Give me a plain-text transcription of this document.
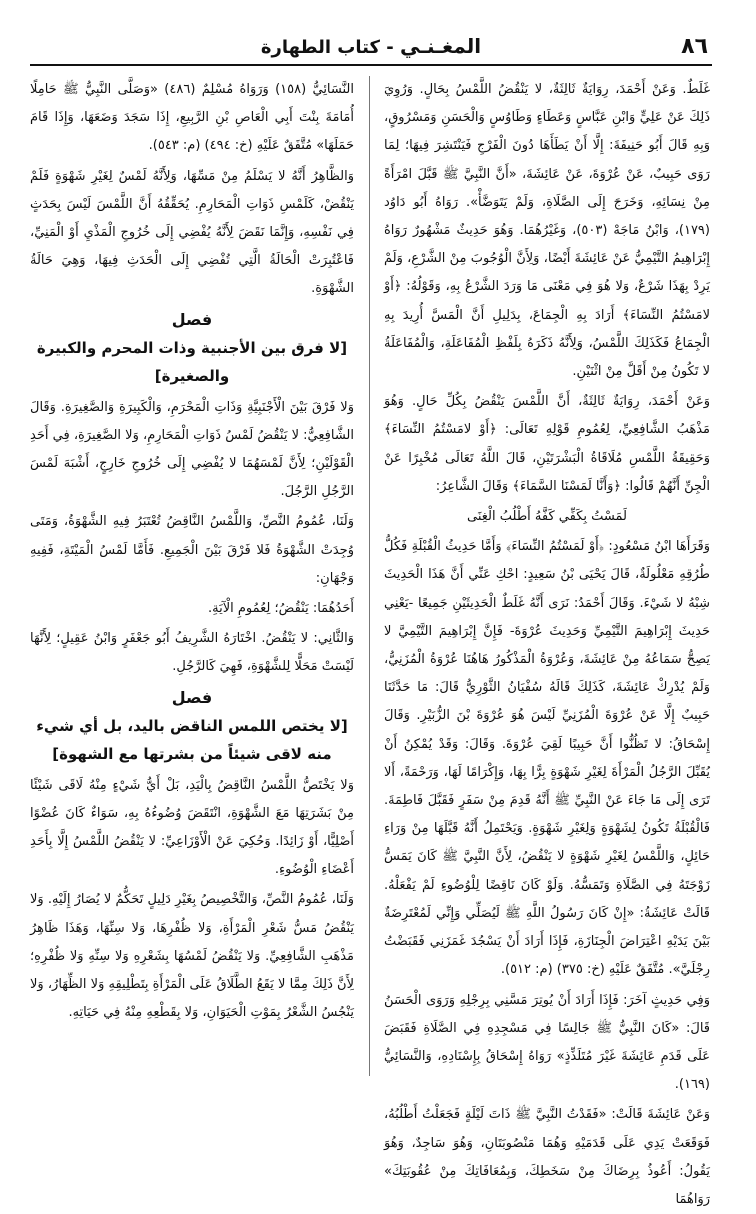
٨٦
المغـنـي - كتاب الطهارة

غَلَطٌ. وَعَنْ أَحْمَدَ، رِوَايَةٌ ثَالِثَةٌ، لا يَنْقُضُ اللَّمْسُ بِحَالٍ. وَرُوِيَ ذَلِكَ عَنْ عَلِيٍّ وَابْنِ عَبَّاسٍ وَعَطَاءٍ وَطَاوُسٍ وَالْحَسَنِ وَمَسْرُوقٍ، وَبِهِ قَالَ أَبُو حَنِيفَةَ: إِلَّا أَنْ يَطَأَهَا دُونَ الْفَرْجِ فَيَنْتَشِرَ فِيهَا؛ لِمَا رَوَى حَبِيبٌ، عَنْ عُرْوَةَ، عَنْ عَائِشَةَ، «أَنَّ النَّبِيَّ ﷺ قَبَّلَ امْرَأَةً مِنْ نِسَائِهِ، وَخَرَجَ إِلَى الصَّلَاةِ، وَلَمْ يَتَوَضَّأْ». رَوَاهُ أَبُو دَاوُد (١٧٩)، وَابْنُ مَاجَهْ (٥٠٣)، وَغَيْرُهُمَا. وَهُوَ حَدِيثٌ مَشْهُورٌ رَوَاهُ إِبْرَاهِيمُ التَّيْمِيُّ عَنْ عَائِشَةَ أَيْضًا، وَلِأَنَّ الْوُجُوبَ مِنْ الشَّرْعِ، وَلَمْ يَرِدْ بِهَذَا شَرْعٌ، وَلا هُوَ فِي مَعْنَى مَا وَرَدَ الشَّرْعُ بِهِ، وَقَوْلُهُ: ﴿أَوْ لامَسْتُمُ النِّسَاءَ﴾ أَرَادَ بِهِ الْجِمَاعَ، بِدَلِيلِ أَنَّ الْمَسَّ أُرِيدَ بِهِ الْجِمَاعُ فَكَذَلِكَ اللَّمْسُ، وَلِأَنَّهُ ذَكَرَهُ بِلَفْظِ الْمُفَاعَلَةِ، وَالْمُفَاعَلَةُ لا تَكُونُ مِنْ أَقَلَّ مِنْ اثْنَيْنِ.

وَعَنْ أَحْمَدَ، رِوَايَةٌ ثَالِثَةٌ، أَنَّ اللَّمْسَ يَنْقُضُ بِكُلِّ حَالٍ. وَهُوَ مَذْهَبُ الشَّافِعِيِّ، لِعُمُومِ قَوْلِهِ تَعَالَى: ﴿أَوْ لامَسْتُمُ النِّسَاءَ﴾ وَحَقِيقَةُ اللَّمْسِ مُلَاقَاةُ الْبَشْرَتَيْنِ، قَالَ اللَّهُ تَعَالَى مُخْبِرًا عَنْ الْجِنِّ أَنَّهُمْ قَالُوا: ﴿وَأَنَّا لَمَسْنَا السَّمَاءَ﴾ وَقَالَ الشَّاعِرُ:

لَمَسْتُ بِكَفِّي كَفَّهُ أَطْلُبُ الْغِنَى

وَقَرَأَهَا ابْنُ مَسْعُودٍ: ﴿أَوْ لَمَسْتُمُ النِّسَاءَ﴾ وَأَمَّا حَدِيثُ الْقُبْلَةِ فَكُلُّ طُرُقِهِ مَعْلُولَةٌ، قَالَ يَحْيَى بْنُ سَعِيدٍ: احْكِ عَنِّي أَنَّ هَذَا الْحَدِيثَ شِبْهُ لا شَيْءَ. وَقَالَ أَحْمَدُ: نَرَى أَنَّهُ غَلَطٌ الْحَدِيثَيْنِ جَمِيعًا -يَعْنِي حَدِيثَ إِبْرَاهِيمَ التَّيْمِيِّ وَحَدِيثَ عُرْوَةَ- فَإِنَّ إِبْرَاهِيمَ التَّيْمِيَّ لا يَصِحُّ سَمَاعُهُ مِنْ عَائِشَةَ، وَعُرْوَةُ الْمَذْكُورُ هَاهُنَا عُرْوَةُ الْمُزَنِيُّ، وَلَمْ يُدْرِكْ عَائِشَةَ، كَذَلِكَ قَالَهُ سُفْيَانُ الثَّوْرِيُّ قَالَ: مَا حَدَّثَنَا حَبِيبٌ إِلَّا عَنْ عُرْوَةَ الْمُزَنِيِّ لَيْسَ هُوَ عُرْوَةَ بْنَ الزُّبَيْرِ. وَقَالَ إِسْحَاقُ: لا تَظُنُّوا أَنَّ حَبِيبًا لَقِيَ عُرْوَةَ. وَقَالَ: وَقَدْ يُمْكِنُ أَنْ يُقَبِّلَ الرَّجُلُ الْمَرْأَةَ لِغَيْرِ شَهْوَةٍ بِرًّا بِهَا، وَإِكْرَامًا لَهَا، وَرَحْمَةً، أَلا تَرَى إِلَى مَا جَاءَ عَنْ النَّبِيِّ ﷺ أَنَّهُ قَدِمَ مِنْ سَفَرٍ فَقَبَّلَ فَاطِمَةَ. فَالْقُبْلَةُ تَكُونُ لِشَهْوَةٍ وَلِغَيْرِ شَهْوَةٍ. وَيَحْتَمِلُ أَنَّهُ قَبَّلَهَا مِنْ وَرَاءِ حَائِلٍ، وَاللَّمْسُ لِغَيْرِ شَهْوَةٍ لا يَنْقُضُ، لِأَنَّ النَّبِيَّ ﷺ كَانَ يَمَسُّ زَوْجَتَهُ فِي الصَّلَاةِ وَتَمَسُّهُ. وَلَوْ كَانَ نَاقِضًا لِلْوُضُوءِ لَمْ يَفْعَلْهُ. قَالَتْ عَائِشَةُ: «إِنْ كَانَ رَسُولُ اللَّهِ ﷺ لَيُصَلِّي وَإِنِّي لَمُعْتَرِضَةٌ بَيْنَ يَدَيْهِ اعْتِرَاضَ الْجِنَازَةِ، فَإِذَا أَرَادَ أَنْ يَسْجُدَ غَمَزَنِي فَقَبَضْتُ رِجْلَيَّ». مُتَّفَقٌ عَلَيْهِ (خ: ٣٧٥) (م: ٥١٢).

وَفِي حَدِيثٍ آخَرَ: فَإِذَا أَرَادَ أَنْ يُوتِرَ مَسَّنِي بِرِجْلِهِ وَرَوَى الْحَسَنُ قَالَ: «كَانَ النَّبِيُّ ﷺ جَالِسًا فِي مَسْجِدِهِ فِي الصَّلَاةِ فَقَبَضَ عَلَى قَدَمِ عَائِشَةَ غَيْرَ مُتَلَذِّذٍ» رَوَاهُ إِسْحَاقُ بِإِسْنَادِهِ، وَالنَّسَائِيُّ (١٦٩).

وَعَنْ عَائِشَةَ قَالَتْ: «فَقَدْتُ النَّبِيَّ ﷺ ذَاتَ لَيْلَةٍ فَجَعَلْتُ أَطْلُبُهُ، فَوَقَعَتْ يَدِي عَلَى قَدَمَيْهِ وَهُمَا مَنْصُوبَتَانِ، وَهُوَ سَاجِدٌ، وَهُوَ يَقُولُ: أَعُوذُ بِرِضَاكَ مِنْ سَخَطِكَ، وَبِمُعَافَاتِكَ مِنْ عُقُوبَتِكَ» رَوَاهُمَا

النَّسَائِيُّ (١٥٨) وَرَوَاهُ مُسْلِمٌ (٤٨٦) «وَصَلَّى النَّبِيُّ ﷺ حَامِلًا أُمَامَةَ بِنْتَ أَبِي الْعَاصِ بْنِ الرَّبِيعِ، إِذَا سَجَدَ وَضَعَهَا، وَإِذَا قَامَ حَمَلَهَا» مُتَّفَقٌ عَلَيْهِ (خ: ٤٩٤) (م: ٥٤٣).

وَالظَّاهِرُ أَنَّهُ لا يَسْلَمُ مِنْ مَسِّهَا، وَلِأَنَّهُ لَمْسٌ لِغَيْرِ شَهْوَةٍ فَلَمْ يَنْقُضْ، كَلَمْسِ ذَوَاتِ الْمَحَارِمِ. يُحَقِّقُهُ أَنَّ اللَّمْسَ لَيْسَ بِحَدَثٍ فِي نَفْسِهِ، وَإِنَّمَا نَقَضَ لِأَنَّهُ يُفْضِي إِلَى خُرُوجِ الْمَذْيِ أَوْ الْمَنِيِّ، فَاعْتُبِرَتْ الْحَالَةُ الَّتِي تُفْضِي إِلَى الْحَدَثِ فِيهَا، وَهِيَ حَالَةُ الشَّهْوَةِ.

فصل
[لا فرق بين الأجنبية وذات المحرم والكبيرة والصغيرة]

وَلا فَرْقَ بَيْنَ الْأَجْنَبِيَّةِ وَذَاتِ الْمَحْرَمِ، وَالْكَبِيرَةِ وَالصَّغِيرَةِ. وَقَالَ الشَّافِعِيُّ: لا يَنْقُضُ لَمْسُ ذَوَاتِ الْمَحَارِمِ، وَلا الصَّغِيرَةِ، فِي أَحَدِ الْقَوْلَيْنِ؛ لِأَنَّ لَمْسَهُمَا لا يُفْضِي إِلَى خُرُوجِ خَارِجٍ، أَشْبَهَ لَمْسَ الرَّجُلِ الرَّجُلَ.

وَلَنَا، عُمُومُ النَّصِّ، وَاللَّمْسُ النَّاقِضُ تُعْتَبَرُ فِيهِ الشَّهْوَةُ، وَمَتَى وُجِدَتْ الشَّهْوَةُ فَلا فَرْقَ بَيْنَ الْجَمِيعِ. فَأَمَّا لَمْسُ الْمَيْتَةِ، فَفِيهِ وَجْهَانِ:

أَحَدُهُمَا: يَنْقُضُ؛ لِعُمُومِ الْآيَةِ.

وَالثَّانِي: لا يَنْقُضُ. اخْتَارَهُ الشَّرِيفُ أَبُو جَعْفَرٍ وَابْنُ عَقِيلٍ؛ لِأَنَّهَا لَيْسَتْ مَحَلًّا لِلشَّهْوَةِ، فَهِيَ كَالرَّجُلِ.

فصل
[لا يختص اللمس الناقض باليد، بل أي شيء منه لاقى شيئاً من بشرتها مع الشهوة]

وَلا يَخْتَصُّ اللَّمْسُ النَّاقِضُ بِالْيَدِ، بَلْ أَيُّ شَيْءٍ مِنْهُ لَاقَى شَيْئًا مِنْ بَشَرَتِهَا مَعَ الشَّهْوَةِ، انْتَقَضَ وُضُوءُهُ بِهِ، سَوَاءٌ كَانَ عُضْوًا أَصْلِيًّا، أَوْ زَائِدًا. وَحُكِيَ عَنْ الْأَوْزَاعِيِّ: لا يَنْقُضُ اللَّمْسُ إِلَّا بِأَحَدِ أَعْضَاءِ الْوُضُوءِ.

وَلَنَا، عُمُومُ النَّصِّ، وَالتَّخْصِيصُ بِغَيْرِ دَلِيلٍ تَحَكُّمٌ لا يُصَارُ إِلَيْهِ. وَلا يَنْقُضُ مَسُّ شَعْرِ الْمَرْأَةِ، وَلا ظُفْرِهَا، وَلا سِنِّهَا، وَهَذَا ظَاهِرُ مَذْهَبِ الشَّافِعِيِّ. وَلا يَنْقُضُ لَمْسُهَا بِشَعْرِهِ وَلا سِنِّهِ وَلا ظُفْرِهِ؛ لِأَنَّ ذَلِكَ مِمَّا لا يَقَعُ الطَّلَاقُ عَلَى الْمَرْأَةِ بِتَطْلِيقِهِ وَلا الظِّهَارُ، وَلا يَنْجُسُ الشَّعْرُ بِمَوْتِ الْحَيَوَانِ، وَلا بِقَطْعِهِ مِنْهُ فِي حَيَاتِهِ.
